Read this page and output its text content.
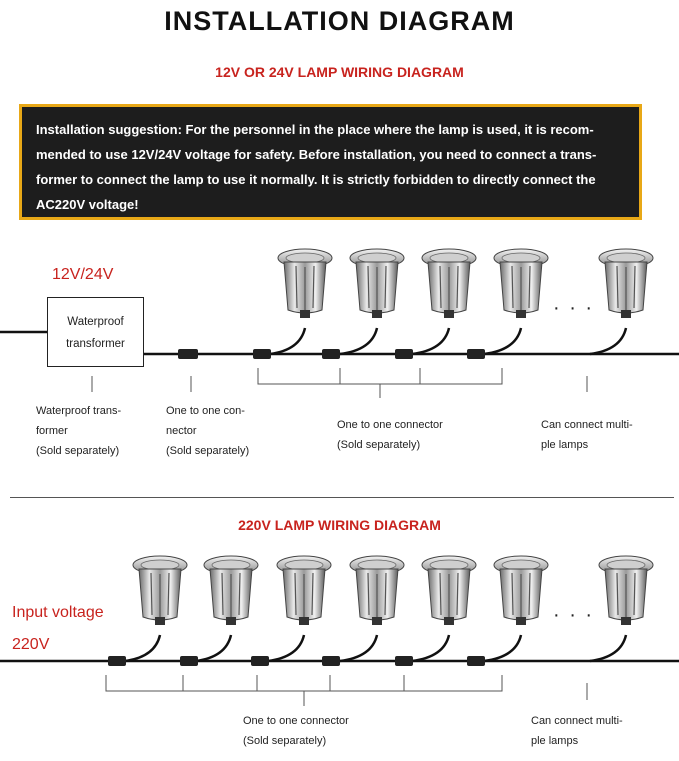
INSTALLATION DIAGRAM
12V OR 24V LAMP WIRING DIAGRAM
Installation suggestion: For the personnel in the place where the lamp is used, it is recom-mended to use 12V/24V voltage for safety. Before installation, you need to connect a trans-former to connect the lamp to use it normally. It is strictly forbidden to directly connect the AC220V voltage!
12V/24V
Waterproof
transformer
· · ·
Waterproof trans-
former
(Sold separately)
One to one con-
nector
(Sold separately)
One to one connector
(Sold separately)
Can connect multi-
ple lamps
220V LAMP WIRING DIAGRAM
Input voltage
220V
· · ·
One to one connector
(Sold separately)
Can connect multi-
ple lamps
